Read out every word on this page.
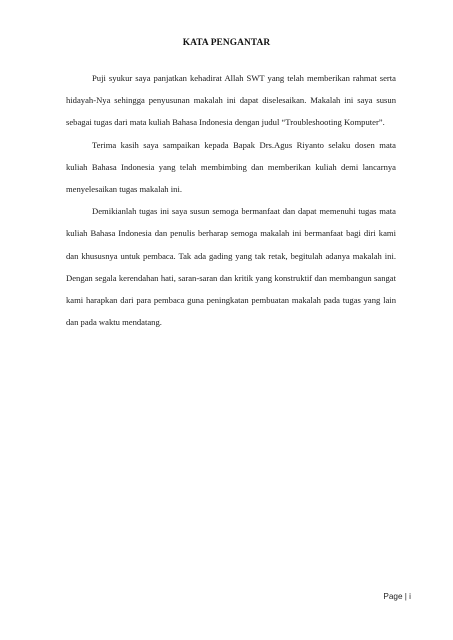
KATA PENGANTAR

Puji syukur saya panjatkan kehadirat Allah SWT yang telah memberikan rahmat serta hidayah-Nya sehingga penyusunan makalah ini dapat diselesaikan. Makalah ini saya susun sebagai tugas dari mata kuliah Bahasa Indonesia dengan judul “Troubleshooting Komputer”.

Terima kasih saya sampaikan kepada Bapak Drs.Agus Riyanto selaku dosen mata kuliah Bahasa Indonesia yang telah membimbing dan memberikan kuliah demi lancarnya menyelesaikan tugas makalah ini.

Demikianlah tugas ini saya susun semoga bermanfaat dan dapat memenuhi tugas mata kuliah Bahasa Indonesia dan penulis berharap semoga makalah ini bermanfaat bagi diri kami dan khususnya untuk pembaca. Tak ada gading yang tak retak, begitulah adanya makalah ini. Dengan segala kerendahan hati, saran-saran dan kritik yang konstruktif dan membangun sangat kami harapkan dari para pembaca guna peningkatan pembuatan makalah pada tugas yang lain dan pada waktu mendatang.

Page | i
